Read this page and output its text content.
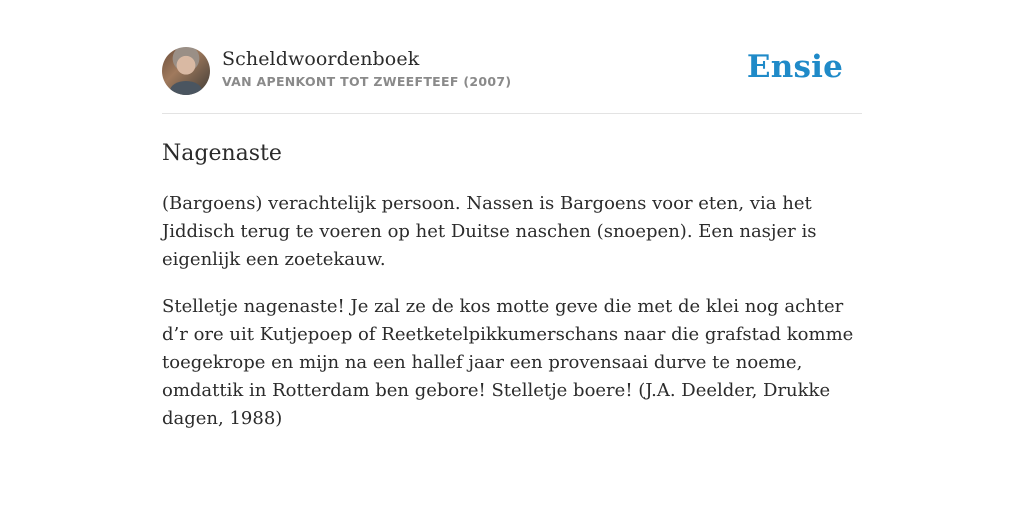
Scheldwoordenboek
VAN APENKONT TOT ZWEEFTEEF (2007)	Ensie
Nagenaste

(Bargoens) verachtelijk persoon. Nassen is Bargoens voor eten, via het Jiddisch terug te voeren op het Duitse naschen (snoepen). Een nasjer is eigenlijk een zoetekauw.

Stelletje nagenaste! Je zal ze de kos motte geve die met de klei nog achter d’r ore uit Kutjepoep of Reetketelpikkumerschans naar die grafstad komme toegekrope en mijn na een hallef jaar een provensaai durve te noeme, omdattik in Rotterdam ben gebore! Stelletje boere! (J.A. Deelder, Drukke dagen, 1988)
